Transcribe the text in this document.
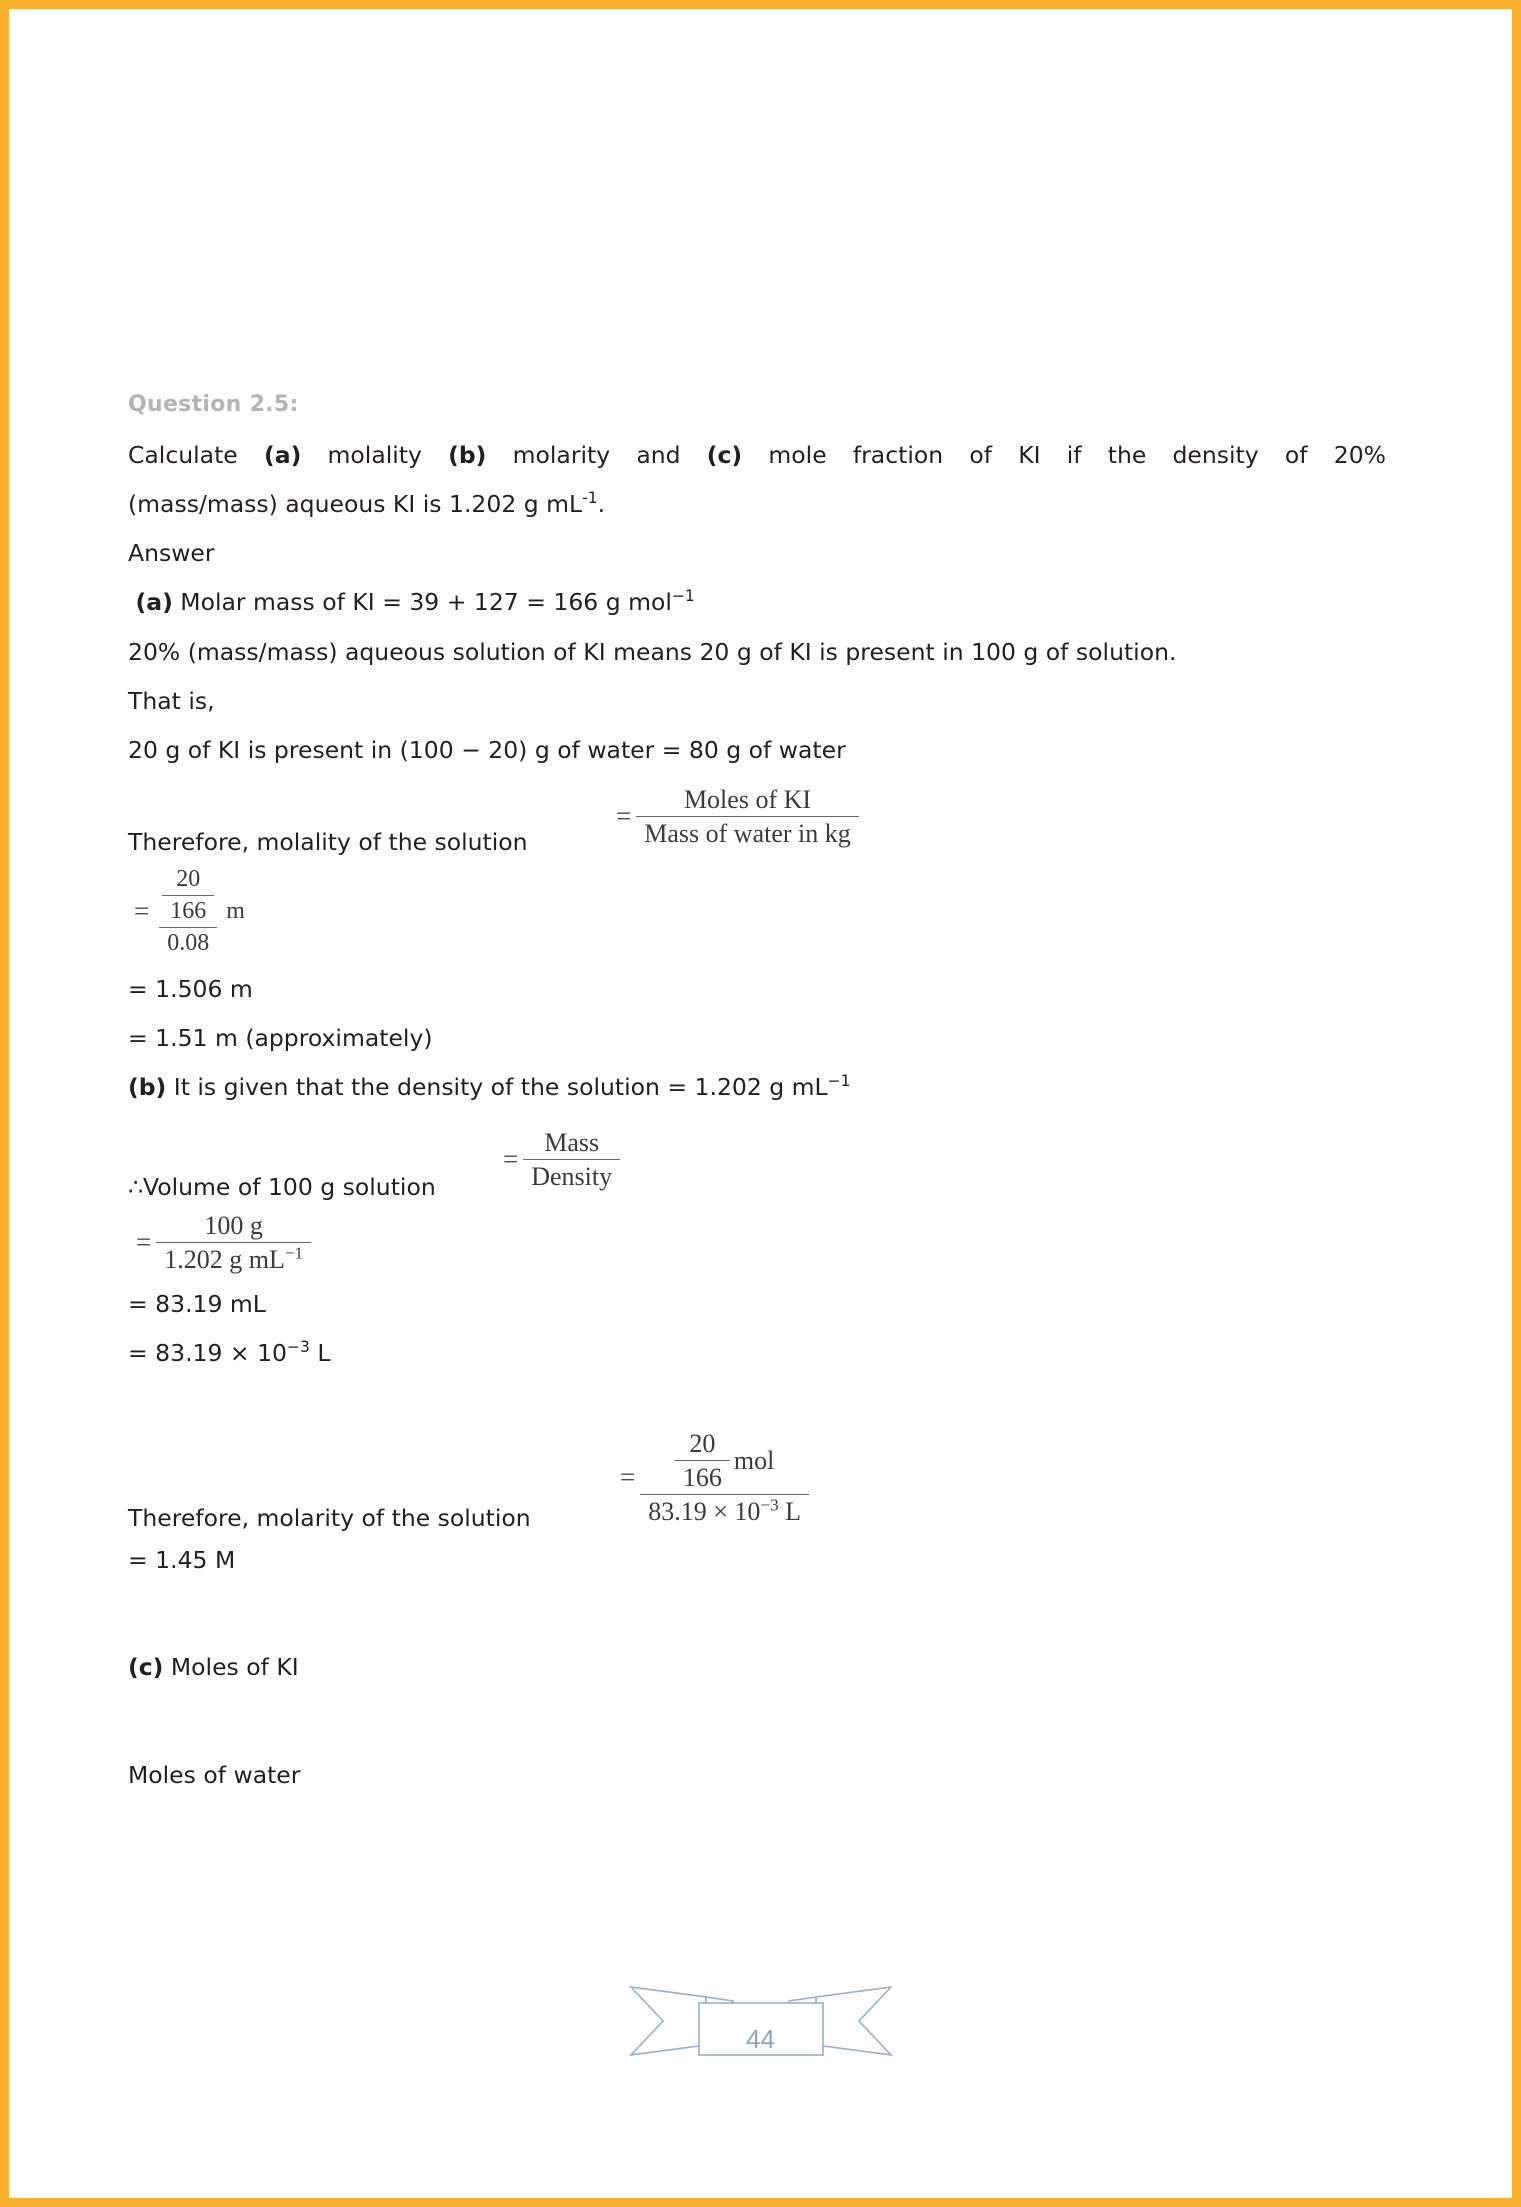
Question 2.5:
Calculate (a) molality (b) molarity and (c) mole fraction of KI if the density of 20%
(mass/mass) aqueous KI is 1.202 g $mL^{-1}$.
Answer
(a) Molar mass of KI = 39 + 127 = 166 g mol$^{-1}$
20% (mass/mass) aqueous solution of KI means 20 g of KI is present in 100 g of solution.
That is,
20 g of KI is present in (100 − 20) g of water = 80 g of water
Therefore, molality of the solution
= $\frac{\text{Moles of KI}}{\text{Mass of water in kg}}$
= $\frac{\frac{20}{166}}{0.08}$ m
= 1.506 m
= 1.51 m (approximately)
(b) It is given that the density of the solution = 1.202 g $mL^{-1}$
∴Volume of 100 g solution
= $\frac{\text{Mass}}{\text{Density}}$
= $\frac{100 g}{1.202 g mL^{-1}}$
= 83.19 mL
= $83.19 \times 10^{-3}$ L
Therefore, molarity of the solution
= $\frac{20}{166}$ mol
$83.19 \times 10^{-3}$ L
= 1.45 M
(c) Moles of KI
Moles of water
44
